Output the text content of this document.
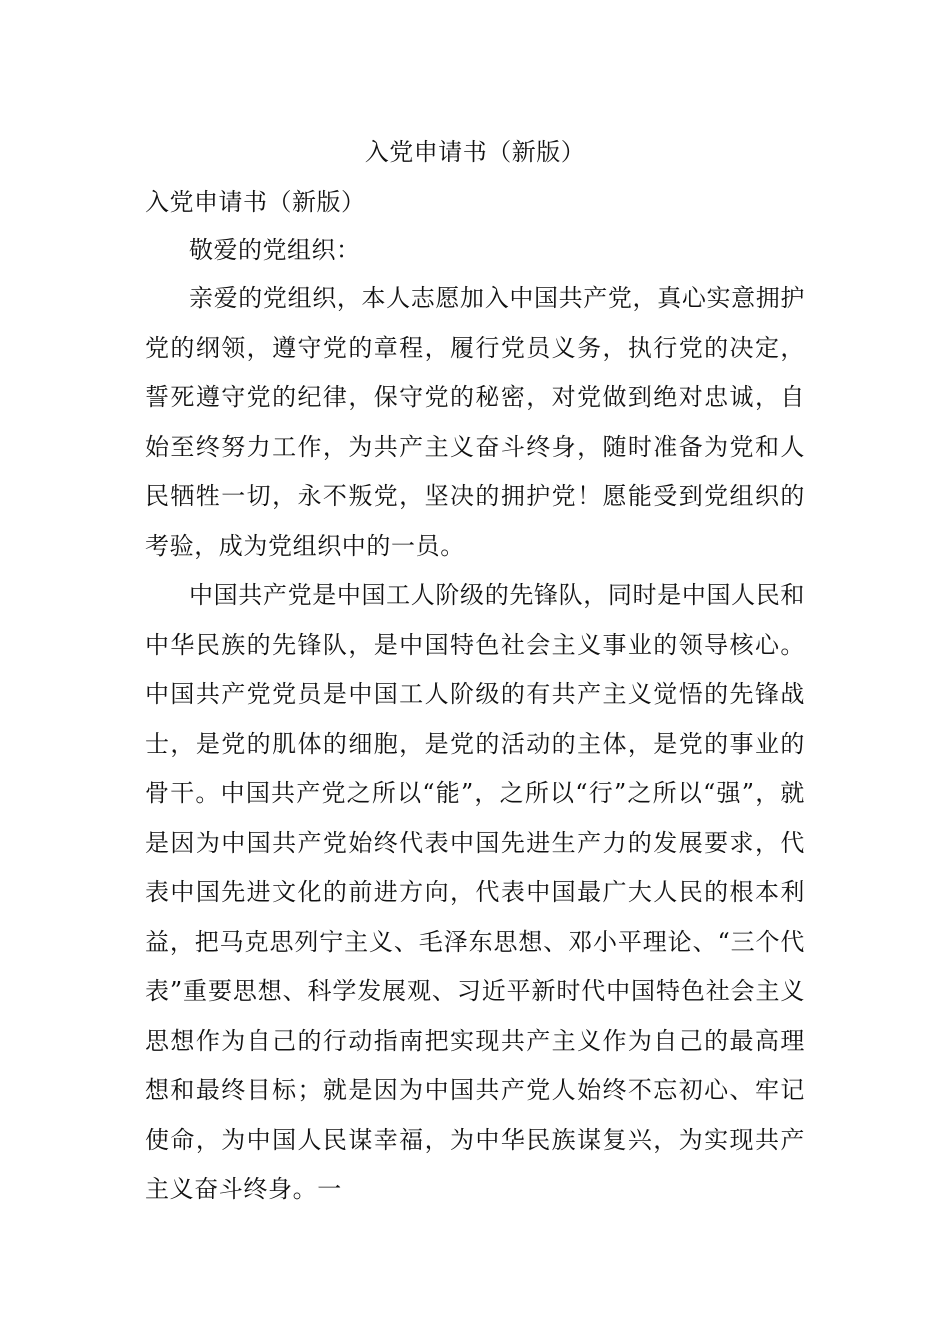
入党申请书（新版）

入党申请书（新版）

敬爱的党组织：

亲爱的党组织，本人志愿加入中国共产党，真心实意拥护党的纲领，遵守党的章程，履行党员义务，执行党的决定，誓死遵守党的纪律，保守党的秘密，对党做到绝对忠诚，自始至终努力工作，为共产主义奋斗终身，随时准备为党和人民牺牲一切，永不叛党，坚决的拥护党！愿能受到党组织的考验，成为党组织中的一员。

中国共产党是中国工人阶级的先锋队，同时是中国人民和中华民族的先锋队，是中国特色社会主义事业的领导核心。中国共产党党员是中国工人阶级的有共产主义觉悟的先锋战士，是党的肌体的细胞，是党的活动的主体，是党的事业的骨干。中国共产党之所以“能”，之所以“行”之所以“强”，就是因为中国共产党始终代表中国先进生产力的发展要求，代表中国先进文化的前进方向，代表中国最广大人民的根本利益，把马克思列宁主义、毛泽东思想、邓小平理论、“三个代表”重要思想、科学发展观、习近平新时代中国特色社会主义思想作为自己的行动指南把实现共产主义作为自己的最高理想和最终目标；就是因为中国共产党人始终不忘初心、牢记使命，为中国人民谋幸福，为中华民族谋复兴，为实现共产主义奋斗终身。一
